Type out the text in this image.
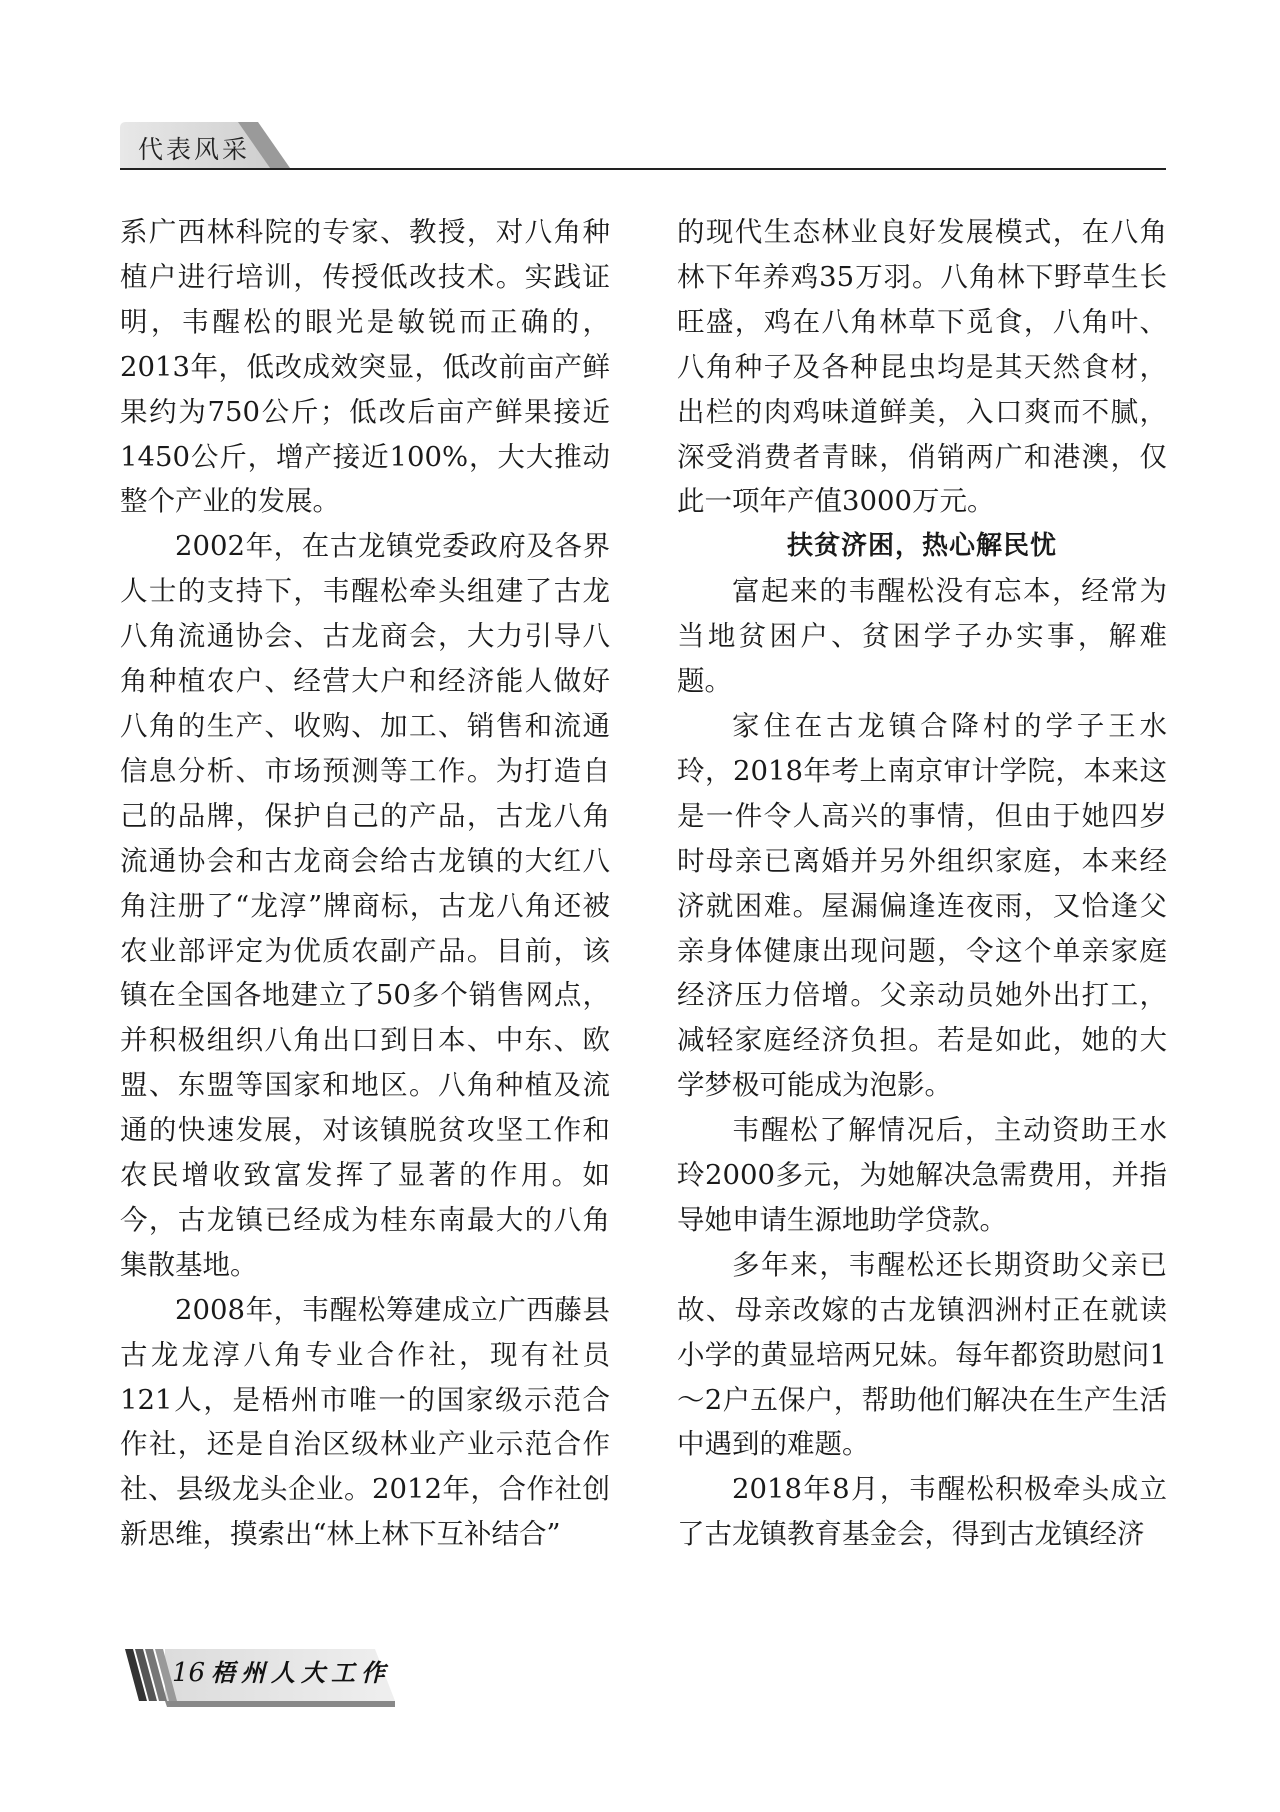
代表风采

系广西林科院的专家、教授，对八角种植户进行培训，传授低改技术。实践证明，韦醒松的眼光是敏锐而正确的，2013年，低改成效突显，低改前亩产鲜果约为750公斤；低改后亩产鲜果接近1450公斤，增产接近100%，大大推动整个产业的发展。

2002年，在古龙镇党委政府及各界人士的支持下，韦醒松牵头组建了古龙八角流通协会、古龙商会，大力引导八角种植农户、经营大户和经济能人做好八角的生产、收购、加工、销售和流通信息分析、市场预测等工作。为打造自己的品牌，保护自己的产品，古龙八角流通协会和古龙商会给古龙镇的大红八角注册了“龙淳”牌商标，古龙八角还被农业部评定为优质农副产品。目前，该镇在全国各地建立了50多个销售网点，并积极组织八角出口到日本、中东、欧盟、东盟等国家和地区。八角种植及流通的快速发展，对该镇脱贫攻坚工作和农民增收致富发挥了显著的作用。如今，古龙镇已经成为桂东南最大的八角集散基地。

2008年，韦醒松筹建成立广西藤县古龙龙淳八角专业合作社，现有社员121人，是梧州市唯一的国家级示范合作社，还是自治区级林业产业示范合作社、县级龙头企业。2012年，合作社创新思维，摸索出“林上林下互补结合”

的现代生态林业良好发展模式，在八角林下年养鸡35万羽。八角林下野草生长旺盛，鸡在八角林草下觅食，八角叶、八角种子及各种昆虫均是其天然食材，出栏的肉鸡味道鲜美，入口爽而不腻，深受消费者青睐，俏销两广和港澳，仅此一项年产值3000万元。

扶贫济困，热心解民忧

富起来的韦醒松没有忘本，经常为当地贫困户、贫困学子办实事，解难题。

家住在古龙镇合降村的学子王水玲，2018年考上南京审计学院，本来这是一件令人高兴的事情，但由于她四岁时母亲已离婚并另外组织家庭，本来经济就困难。屋漏偏逢连夜雨，又恰逢父亲身体健康出现问题，令这个单亲家庭经济压力倍增。父亲动员她外出打工，减轻家庭经济负担。若是如此，她的大学梦极可能成为泡影。

韦醒松了解情况后，主动资助王水玲2000多元，为她解决急需费用，并指导她申请生源地助学贷款。

多年来，韦醒松还长期资助父亲已故、母亲改嫁的古龙镇泗洲村正在就读小学的黄显培两兄妹。每年都资助慰问1～2户五保户，帮助他们解决在生产生活中遇到的难题。

2018年8月，韦醒松积极牵头成立了古龙镇教育基金会，得到古龙镇经济

16 梧州人大工作
